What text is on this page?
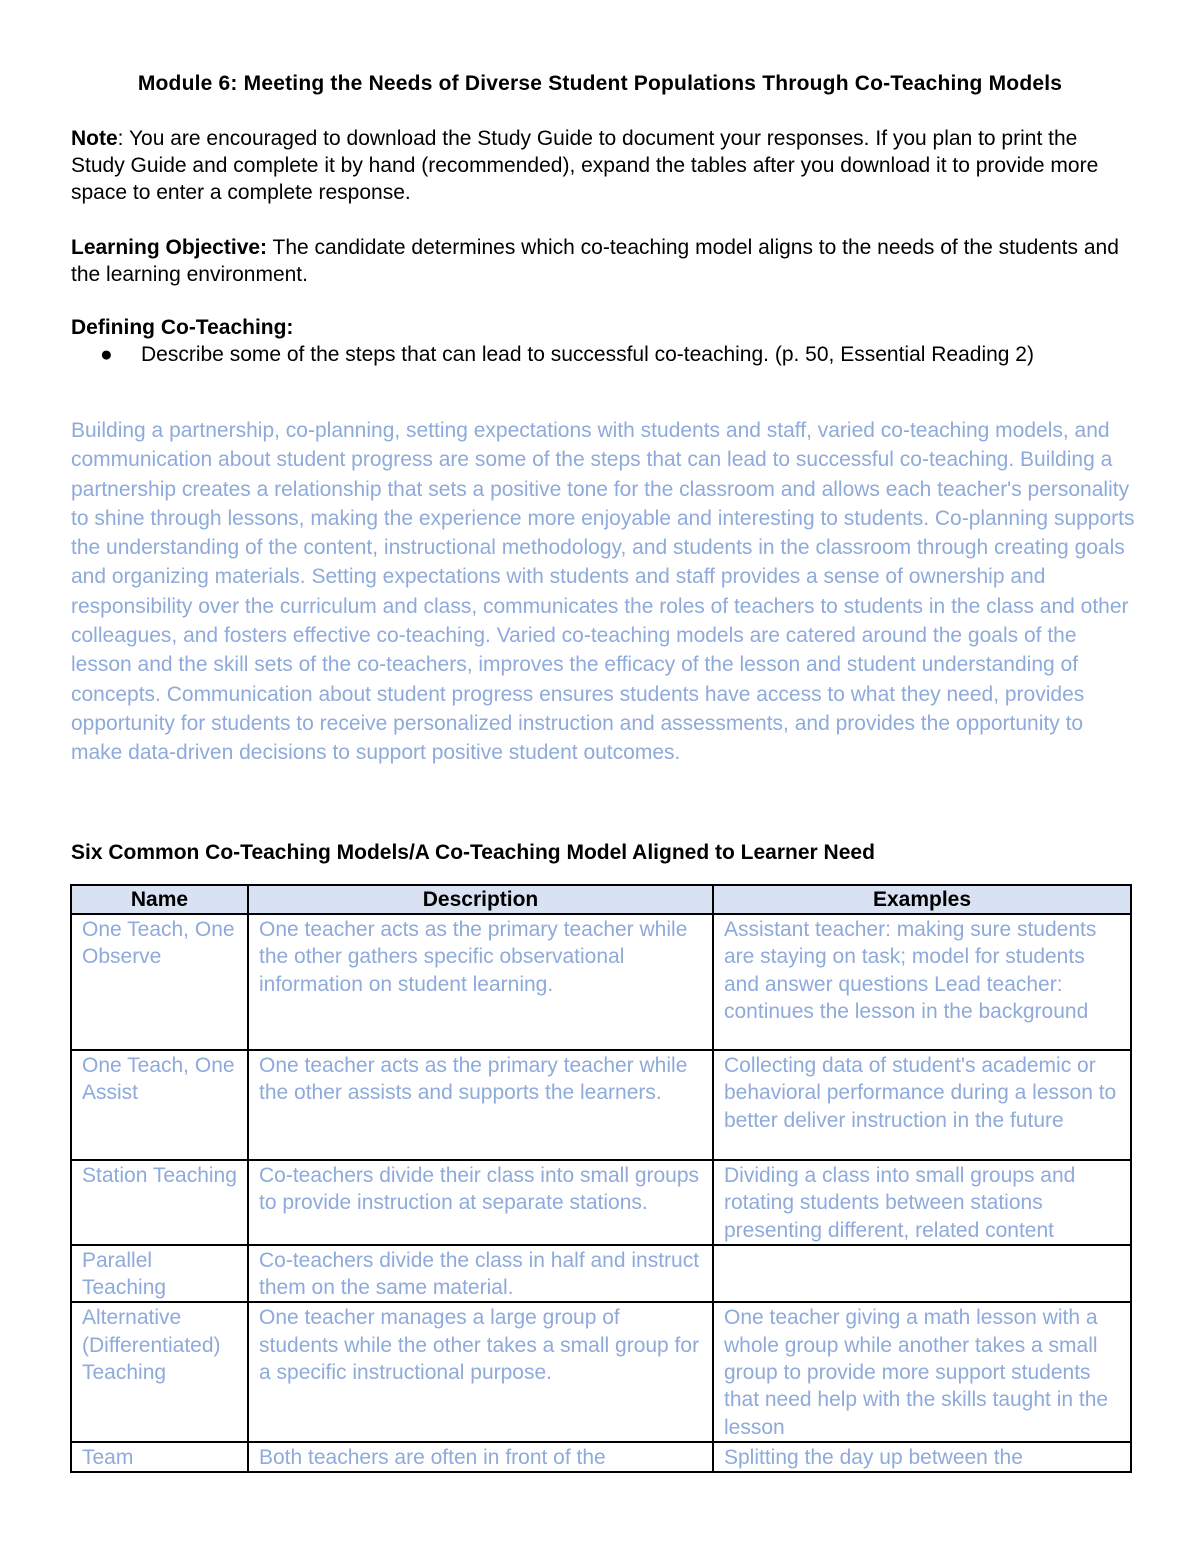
Module 6: Meeting the Needs of Diverse Student Populations Through Co-Teaching Models
Note: You are encouraged to download the Study Guide to document your responses. If you plan to print the Study Guide and complete it by hand (recommended), expand the tables after you download it to provide more space to enter a complete response.
Learning Objective: The candidate determines which co-teaching model aligns to the needs of the students and the learning environment.
Defining Co-Teaching:
● Describe some of the steps that can lead to successful co-teaching. (p. 50, Essential Reading 2)
Building a partnership, co-planning, setting expectations with students and staff, varied co-teaching models, and communication about student progress are some of the steps that can lead to successful co-teaching. Building a partnership creates a relationship that sets a positive tone for the classroom and allows each teacher's personality to shine through lessons, making the experience more enjoyable and interesting to students. Co-planning supports the understanding of the content, instructional methodology, and students in the classroom through creating goals and organizing materials. Setting expectations with students and staff provides a sense of ownership and responsibility over the curriculum and class, communicates the roles of teachers to students in the class and other colleagues, and fosters effective co-teaching. Varied co-teaching models are catered around the goals of the lesson and the skill sets of the co-teachers, improves the efficacy of the lesson and student understanding of concepts. Communication about student progress ensures students have access to what they need, provides opportunity for students to receive personalized instruction and assessments, and provides the opportunity to make data-driven decisions to support positive student outcomes.
Six Common Co-Teaching Models/A Co-Teaching Model Aligned to Learner Need
Name	Description	Examples
One Teach, One Observe	One teacher acts as the primary teacher while the other gathers specific observational information on student learning.	Assistant teacher: making sure students are staying on task; model for students and answer questions Lead teacher: continues the lesson in the background
One Teach, One Assist	One teacher acts as the primary teacher while the other assists and supports the learners.	Collecting data of student's academic or behavioral performance during a lesson to better deliver instruction in the future
Station Teaching	Co-teachers divide their class into small groups to provide instruction at separate stations.	Dividing a class into small groups and rotating students between stations presenting different, related content
Parallel Teaching	Co-teachers divide the class in half and instruct them on the same material.	
Alternative (Differentiated) Teaching	One teacher manages a large group of students while the other takes a small group for a specific instructional purpose.	One teacher giving a math lesson with a whole group while another takes a small group to provide more support students that need help with the skills taught in the lesson
Team	Both teachers are often in front of the	Splitting the day up between the
